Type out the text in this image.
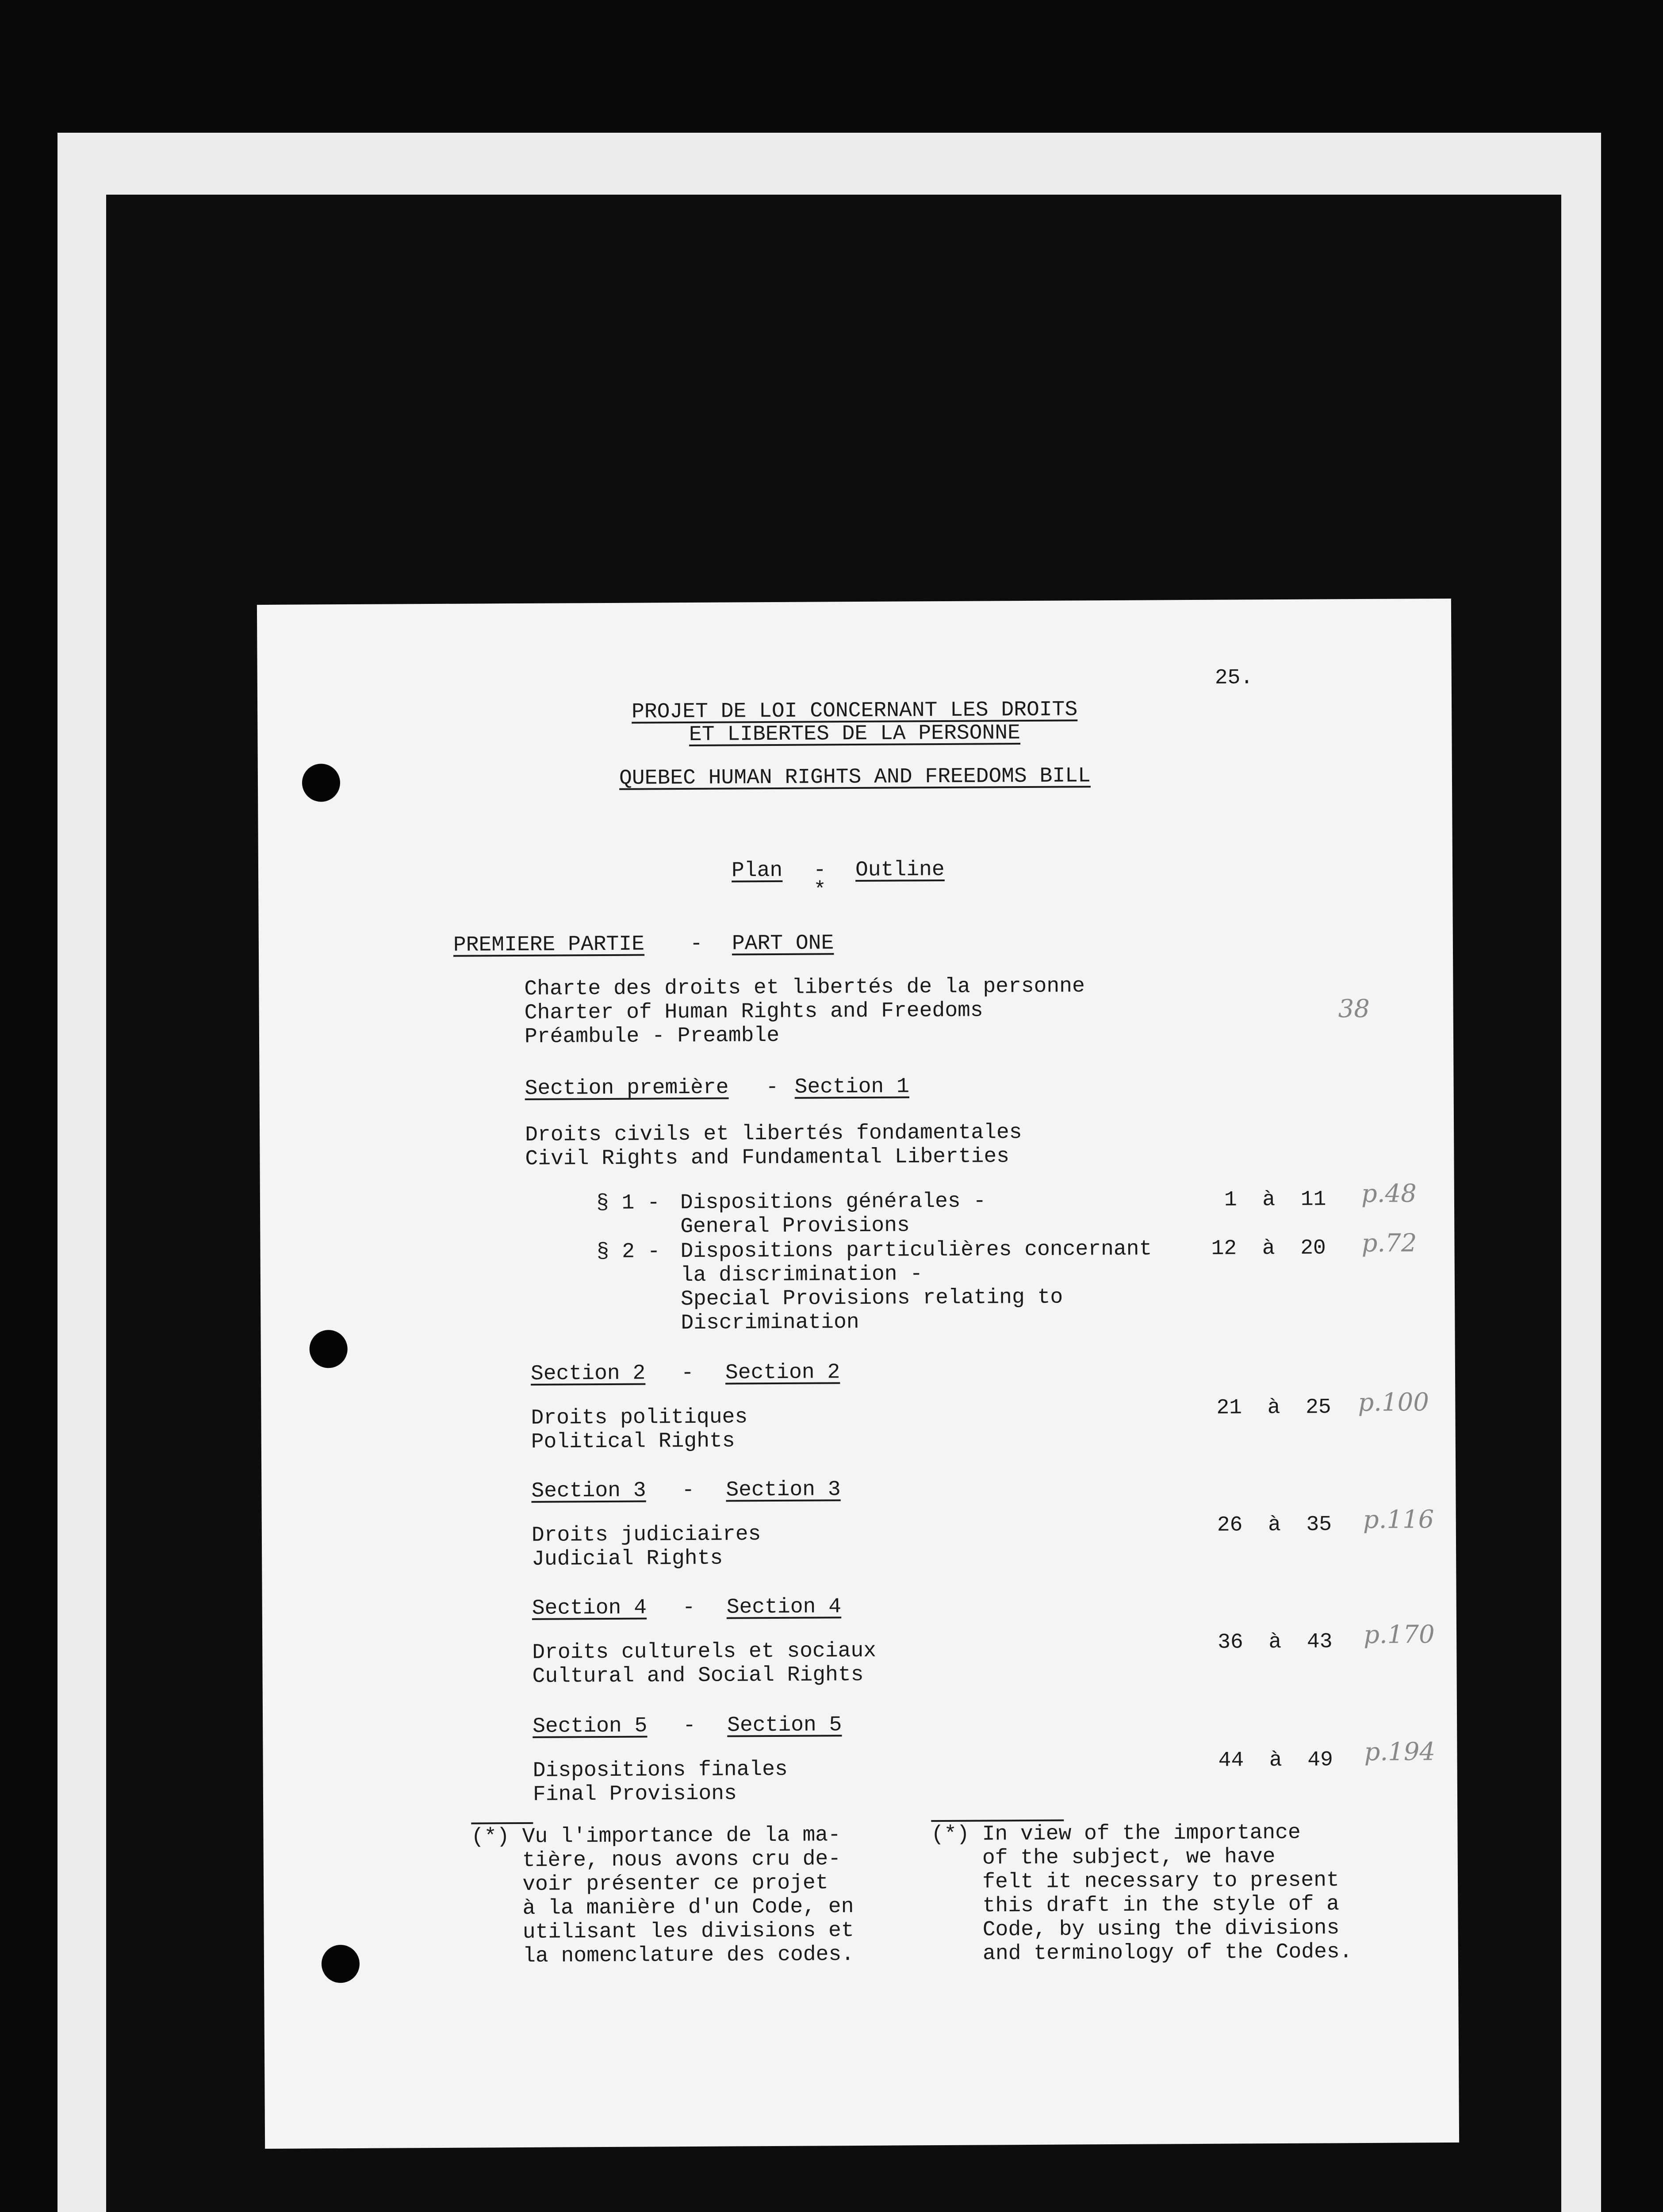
25.
PROJET DE LOI CONCERNANT LES DROITS
ET LIBERTES DE LA PERSONNE
QUEBEC HUMAN RIGHTS AND FREEDOMS BILL
Plan - Outline
*
PREMIERE PARTIE - PART ONE
Charte des droits et libertés de la personne
Charter of Human Rights and Freedoms
Préambule - Preamble
38
Section première - Section 1
Droits civils et libertés fondamentales
Civil Rights and Fundamental Liberties
§ 1 - Dispositions générales -
General Provisions
1  à  11 p.48
§ 2 - Dispositions particulières concernant
la discrimination -
Special Provisions relating to
Discrimination
12  à  20 p.72
Section 2 - Section 2
Droits politiques
Political Rights
21  à  25 p.100
Section 3 - Section 3
Droits judiciaires
Judicial Rights
26  à  35 p.116
Section 4 - Section 4
Droits culturels et sociaux
Cultural and Social Rights
36  à  43 p.170
Section 5 - Section 5
Dispositions finales
Final Provisions
44  à  49 p.194
(*) Vu l'importance de la ma-
tière, nous avons cru de-
voir présenter ce projet
à la manière d'un Code, en
utilisant les divisions et
la nomenclature des codes.
(*) In view of the importance
of the subject, we have
felt it necessary to present
this draft in the style of a
Code, by using the divisions
and terminology of the Codes.
